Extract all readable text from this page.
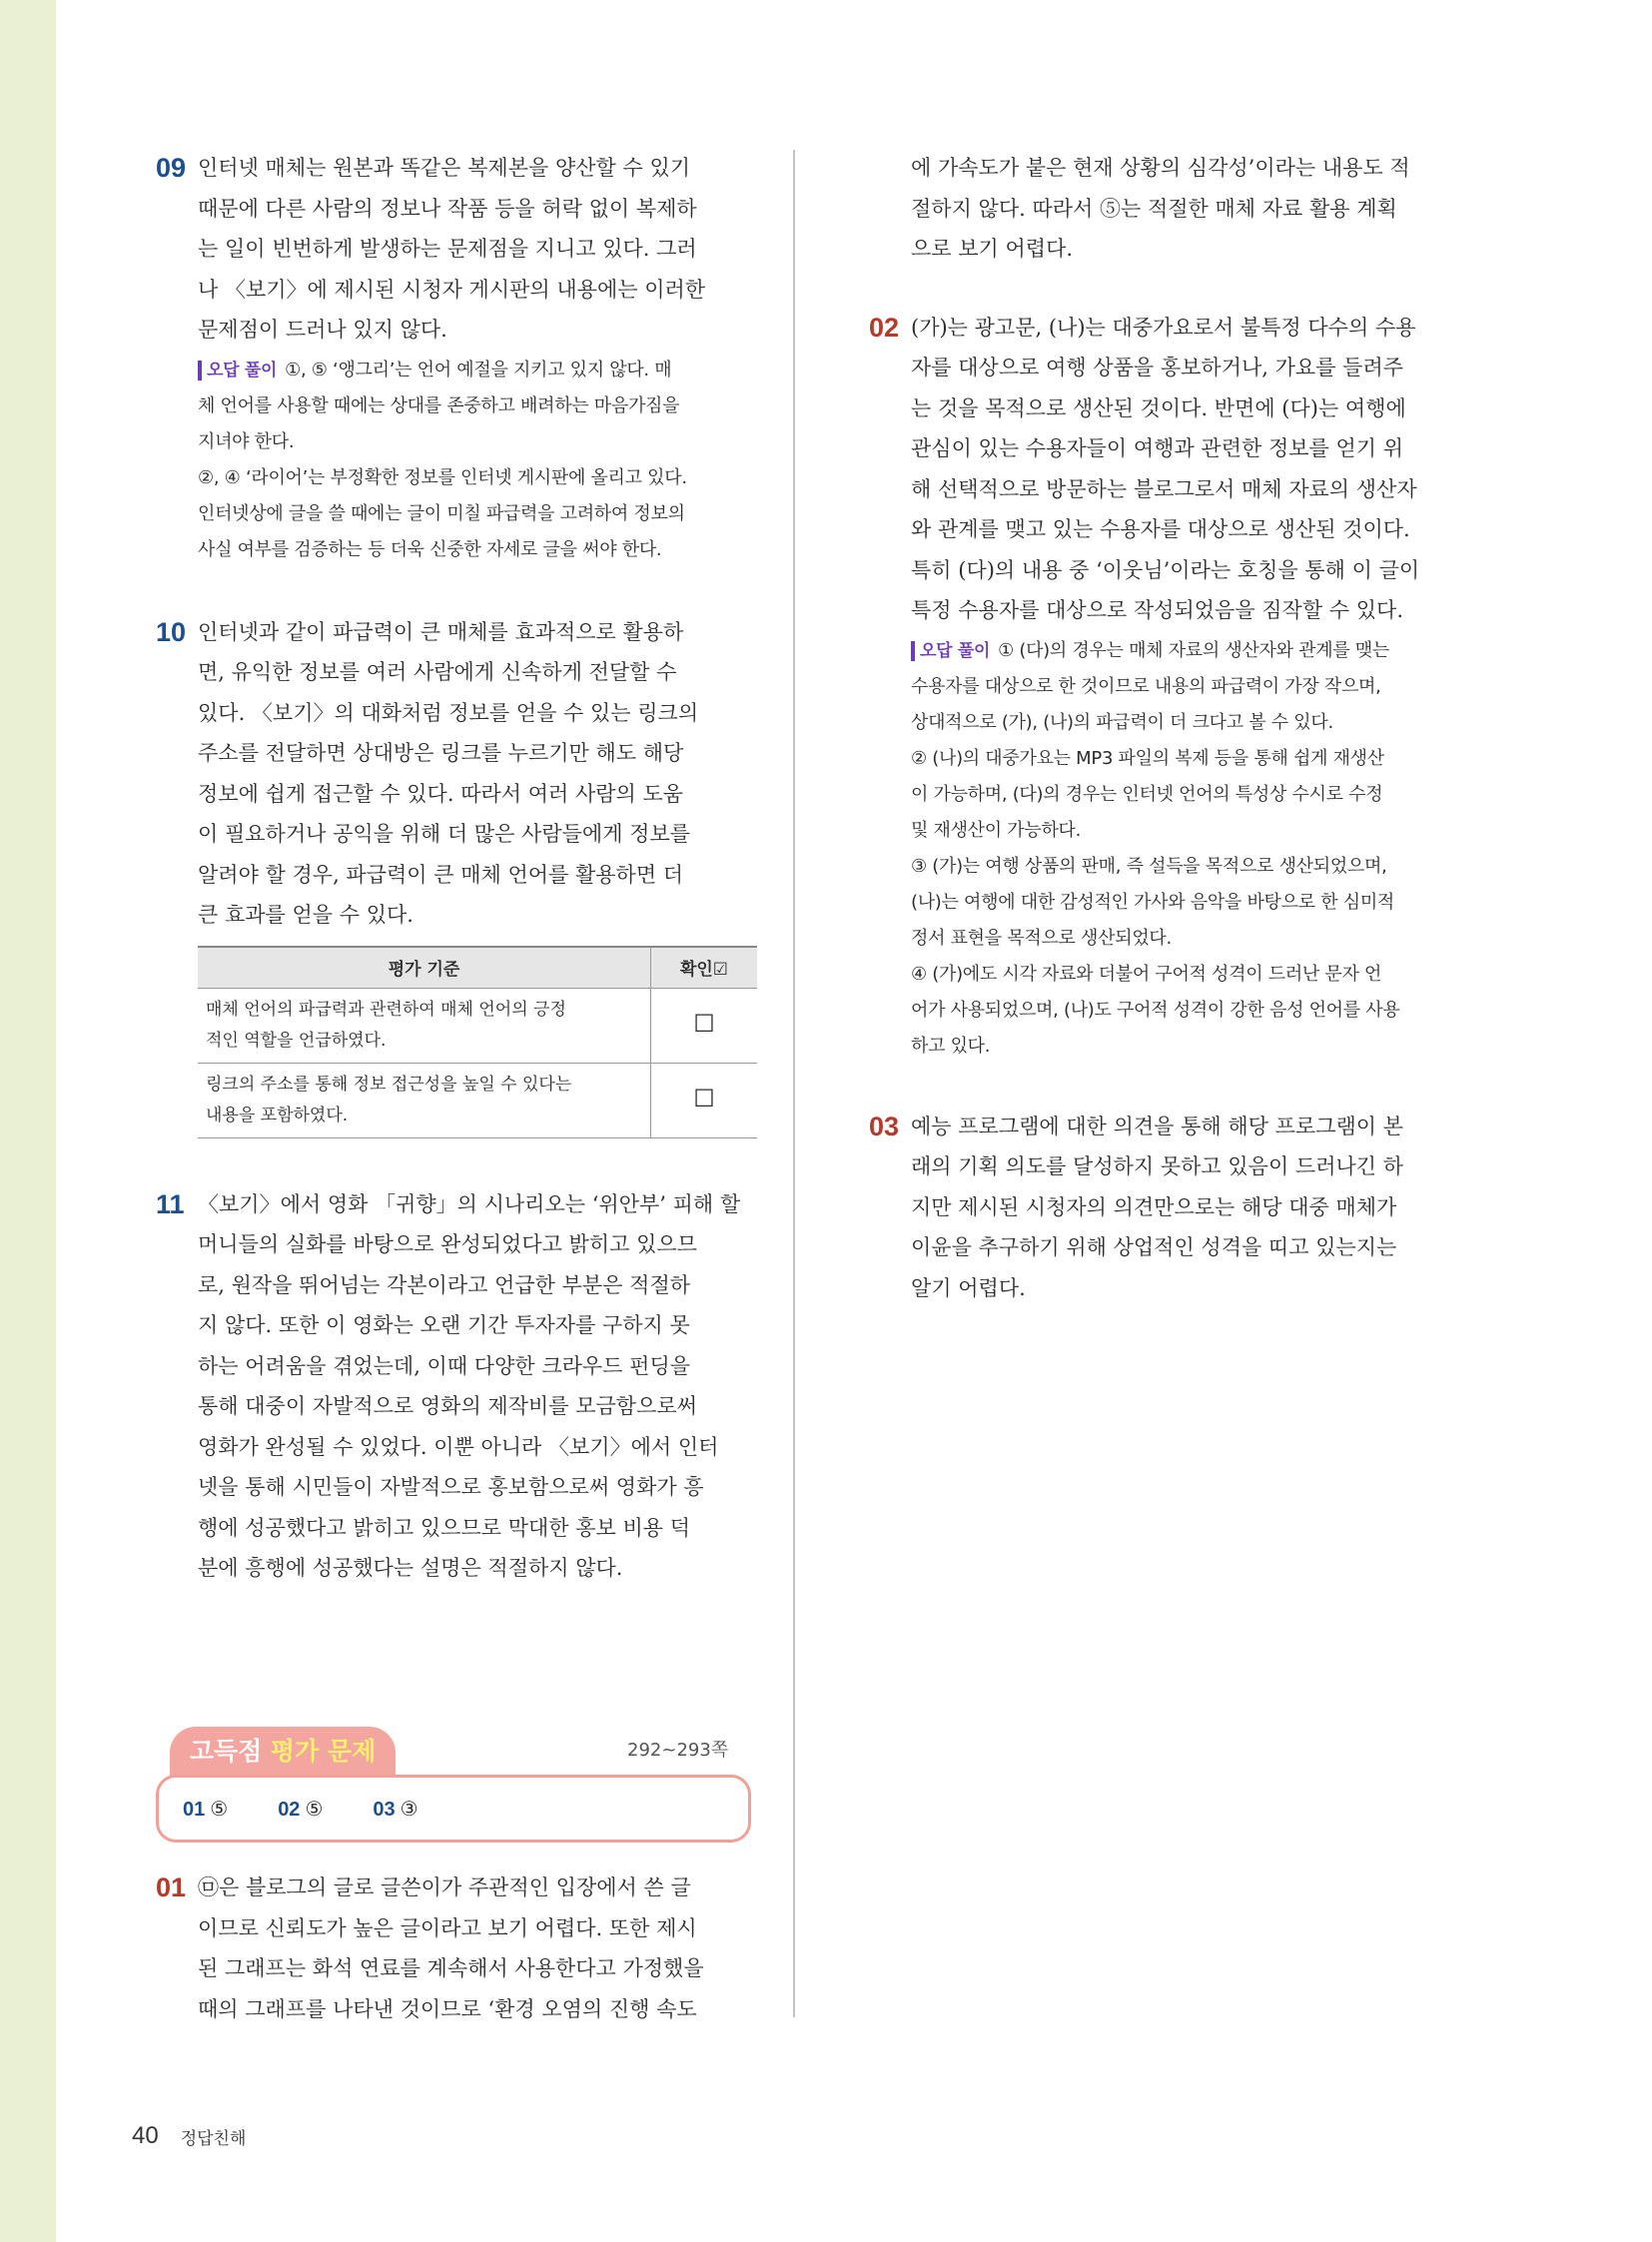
09 인터넷 매체는 원본과 똑같은 복제본을 양산할 수 있기
때문에 다른 사람의 정보나 작품 등을 허락 없이 복제하
는 일이 빈번하게 발생하는 문제점을 지니고 있다. 그러
나 〈보기〉에 제시된 시청자 게시판의 내용에는 이러한
문제점이 드러나 있지 않다.

오답 풀이 ①, ⑤ ‘앵그리’는 언어 예절을 지키고 있지 않다. 매

체 언어를 사용할 때에는 상대를 존중하고 배려하는 마음가짐을

지녀야 한다.

②, ④ ‘라이어’는 부정확한 정보를 인터넷 게시판에 올리고 있다.

인터넷상에 글을 쓸 때에는 글이 미칠 파급력을 고려하여 정보의

사실 여부를 검증하는 등 더욱 신중한 자세로 글을 써야 한다.

10 인터넷과 같이 파급력이 큰 매체를 효과적으로 활용하
면, 유익한 정보를 여러 사람에게 신속하게 전달할 수
있다. 〈보기〉의 대화처럼 정보를 얻을 수 있는 링크의
주소를 전달하면 상대방은 링크를 누르기만 해도 해당
정보에 쉽게 접근할 수 있다. 따라서 여러 사람의 도움
이 필요하거나 공익을 위해 더 많은 사람들에게 정보를
알려야 할 경우, 파급력이 큰 매체 언어를 활용하면 더
큰 효과를 얻을 수 있다.

평가 기준	확인☑
매체 언어의 파급력과 관련하여 매체 언어의 긍정
적인 역할을 언급하였다.	☐
링크의 주소를 통해 정보 접근성을 높일 수 있다는
내용을 포함하였다.	☐
11 〈보기〉에서 영화 「귀향」의 시나리오는 ‘위안부’ 피해 할
머니들의 실화를 바탕으로 완성되었다고 밝히고 있으므
로, 원작을 뛰어넘는 각본이라고 언급한 부분은 적절하
지 않다. 또한 이 영화는 오랜 기간 투자자를 구하지 못
하는 어려움을 겪었는데, 이때 다양한 크라우드 펀딩을
통해 대중이 자발적으로 영화의 제작비를 모금함으로써
영화가 완성될 수 있었다. 이뿐 아니라 〈보기〉에서 인터
넷을 통해 시민들이 자발적으로 홍보함으로써 영화가 흥
행에 성공했다고 밝히고 있으므로 막대한 홍보 비용 덕
분에 흥행에 성공했다는 설명은 적절하지 않다.

고득점 평가 문제	292~293쪽
01 ⑤	02 ⑤	03 ③
01 ㉤은 블로그의 글로 글쓴이가 주관적인 입장에서 쓴 글
이므로 신뢰도가 높은 글이라고 보기 어렵다. 또한 제시
된 그래프는 화석 연료를 계속해서 사용한다고 가정했을
때의 그래프를 나타낸 것이므로 ‘환경 오염의 진행 속도

에 가속도가 붙은 현재 상황의 심각성’이라는 내용도 적
절하지 않다. 따라서 ⑤는 적절한 매체 자료 활용 계획
으로 보기 어렵다.

02 (가)는 광고문, (나)는 대중가요로서 불특정 다수의 수용
자를 대상으로 여행 상품을 홍보하거나, 가요를 들려주
는 것을 목적으로 생산된 것이다. 반면에 (다)는 여행에
관심이 있는 수용자들이 여행과 관련한 정보를 얻기 위
해 선택적으로 방문하는 블로그로서 매체 자료의 생산자
와 관계를 맺고 있는 수용자를 대상으로 생산된 것이다.
특히 (다)의 내용 중 ‘이웃님’이라는 호칭을 통해 이 글이
특정 수용자를 대상으로 작성되었음을 짐작할 수 있다.

오답 풀이 ① (다)의 경우는 매체 자료의 생산자와 관계를 맺는

수용자를 대상으로 한 것이므로 내용의 파급력이 가장 작으며,

상대적으로 (가), (나)의 파급력이 더 크다고 볼 수 있다.

② (나)의 대중가요는 MP3 파일의 복제 등을 통해 쉽게 재생산

이 가능하며, (다)의 경우는 인터넷 언어의 특성상 수시로 수정

및 재생산이 가능하다.

③ (가)는 여행 상품의 판매, 즉 설득을 목적으로 생산되었으며,

(나)는 여행에 대한 감성적인 가사와 음악을 바탕으로 한 심미적

정서 표현을 목적으로 생산되었다.

④ (가)에도 시각 자료와 더불어 구어적 성격이 드러난 문자 언

어가 사용되었으며, (나)도 구어적 성격이 강한 음성 언어를 사용

하고 있다.

03 예능 프로그램에 대한 의견을 통해 해당 프로그램이 본
래의 기획 의도를 달성하지 못하고 있음이 드러나긴 하
지만 제시된 시청자의 의견만으로는 해당 대중 매체가
이윤을 추구하기 위해 상업적인 성격을 띠고 있는지는
알기 어렵다.

40 정답친해
